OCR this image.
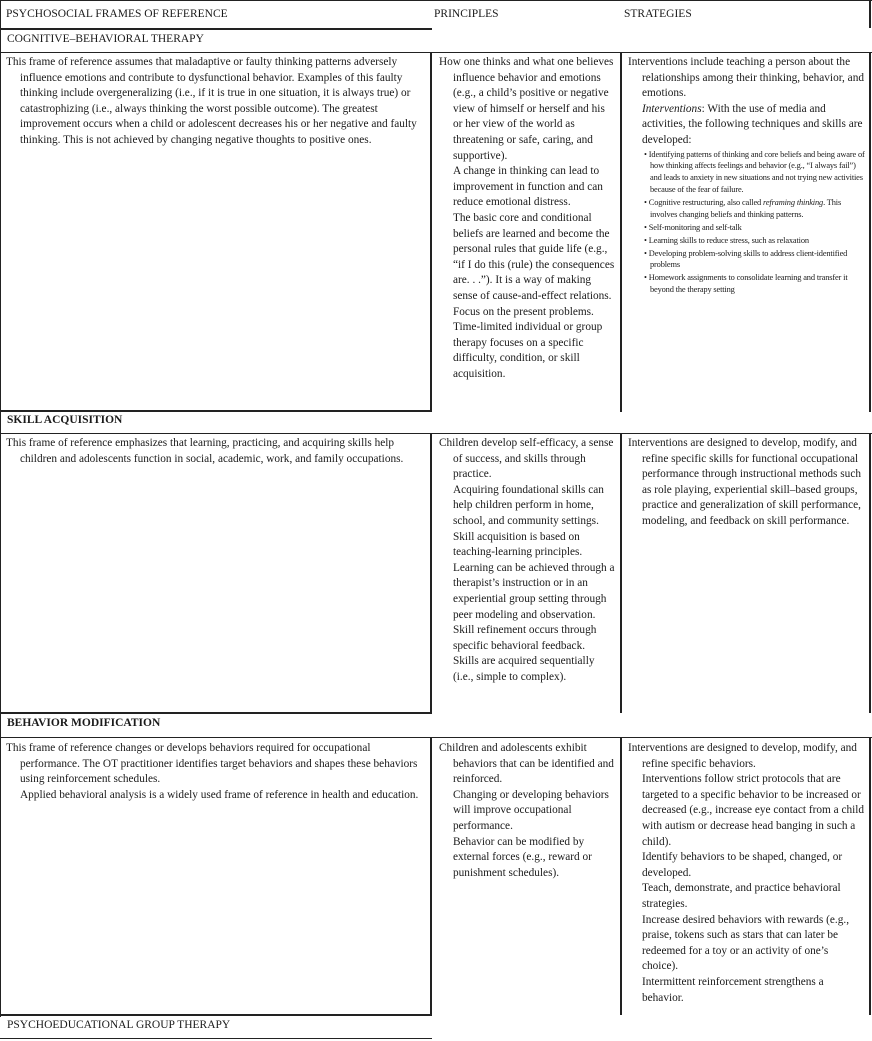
PSYCHOSOCIAL FRAMES OF REFERENCE	PRINCIPLES	STRATEGIES
COGNITIVE–BEHAVIORAL THERAPY

This frame of reference assumes that maladaptive or faulty thinking patterns adversely influence emotions and contribute to dysfunctional behavior. Examples of this faulty thinking include overgeneralizing (i.e., if it is true in one situation, it is always true) or catastrophizing (i.e., always thinking the worst possible outcome). The greatest improvement occurs when a child or adolescent decreases his or her negative and faulty thinking. This is not achieved by changing negative thoughts to positive ones.

How one thinks and what one believes influence behavior and emotions (e.g., a child’s positive or negative view of himself or herself and his or her view of the world as threatening or safe, caring, and supportive).

A change in thinking can lead to improvement in function and can reduce emotional distress.

The basic core and conditional beliefs are learned and become the personal rules that guide life (e.g., “if I do this (rule) the consequences are. . .”). It is a way of making sense of cause-and-effect relations.

Focus on the present problems.

Time-limited individual or group therapy focuses on a specific difficulty, condition, or skill acquisition.

Interventions include teaching a person about the relationships among their thinking, behavior, and emotions.

Interventions: With the use of media and activities, the following techniques and skills are developed:

• Identifying patterns of thinking and core beliefs and being aware of how thinking affects feelings and behavior (e.g., “I always fail”) and leads to anxiety in new situations and not trying new activities because of the fear of failure.
• Cognitive restructuring, also called reframing thinking. This involves changing beliefs and thinking patterns.
• Self-monitoring and self-talk
• Learning skills to reduce stress, such as relaxation
• Developing problem-solving skills to address client-identified problems
• Homework assignments to consolidate learning and transfer it beyond the therapy setting
SKILL ACQUISITION

This frame of reference emphasizes that learning, practicing, and acquiring skills help children and adolescents function in social, academic, work, and family occupations.

Children develop self-efficacy, a sense of success, and skills through practice.

Acquiring foundational skills can help children perform in home, school, and community settings.

Skill acquisition is based on teaching-learning principles.

Learning can be achieved through a therapist’s instruction or in an experiential group setting through peer modeling and observation.

Skill refinement occurs through specific behavioral feedback.

Skills are acquired sequentially (i.e., simple to complex).

Interventions are designed to develop, modify, and refine specific skills for functional occupational performance through instructional methods such as role playing, experiential skill–based groups, practice and generalization of skill performance, modeling, and feedback on skill performance.

BEHAVIOR MODIFICATION

This frame of reference changes or develops behaviors required for occupational performance. The OT practitioner identifies target behaviors and shapes these behaviors using reinforcement schedules.

Applied behavioral analysis is a widely used frame of reference in health and education.

Children and adolescents exhibit behaviors that can be identified and reinforced.

Changing or developing behaviors will improve occupational performance.

Behavior can be modified by external forces (e.g., reward or punishment schedules).

Interventions are designed to develop, modify, and refine specific behaviors.

Interventions follow strict protocols that are targeted to a specific behavior to be increased or decreased (e.g., increase eye contact from a child with autism or decrease head banging in such a child).

Identify behaviors to be shaped, changed, or developed.

Teach, demonstrate, and practice behavioral strategies.

Increase desired behaviors with rewards (e.g., praise, tokens such as stars that can later be redeemed for a toy or an activity of one’s choice).

Intermittent reinforcement strengthens a behavior.

PSYCHOEDUCATIONAL GROUP THERAPY
